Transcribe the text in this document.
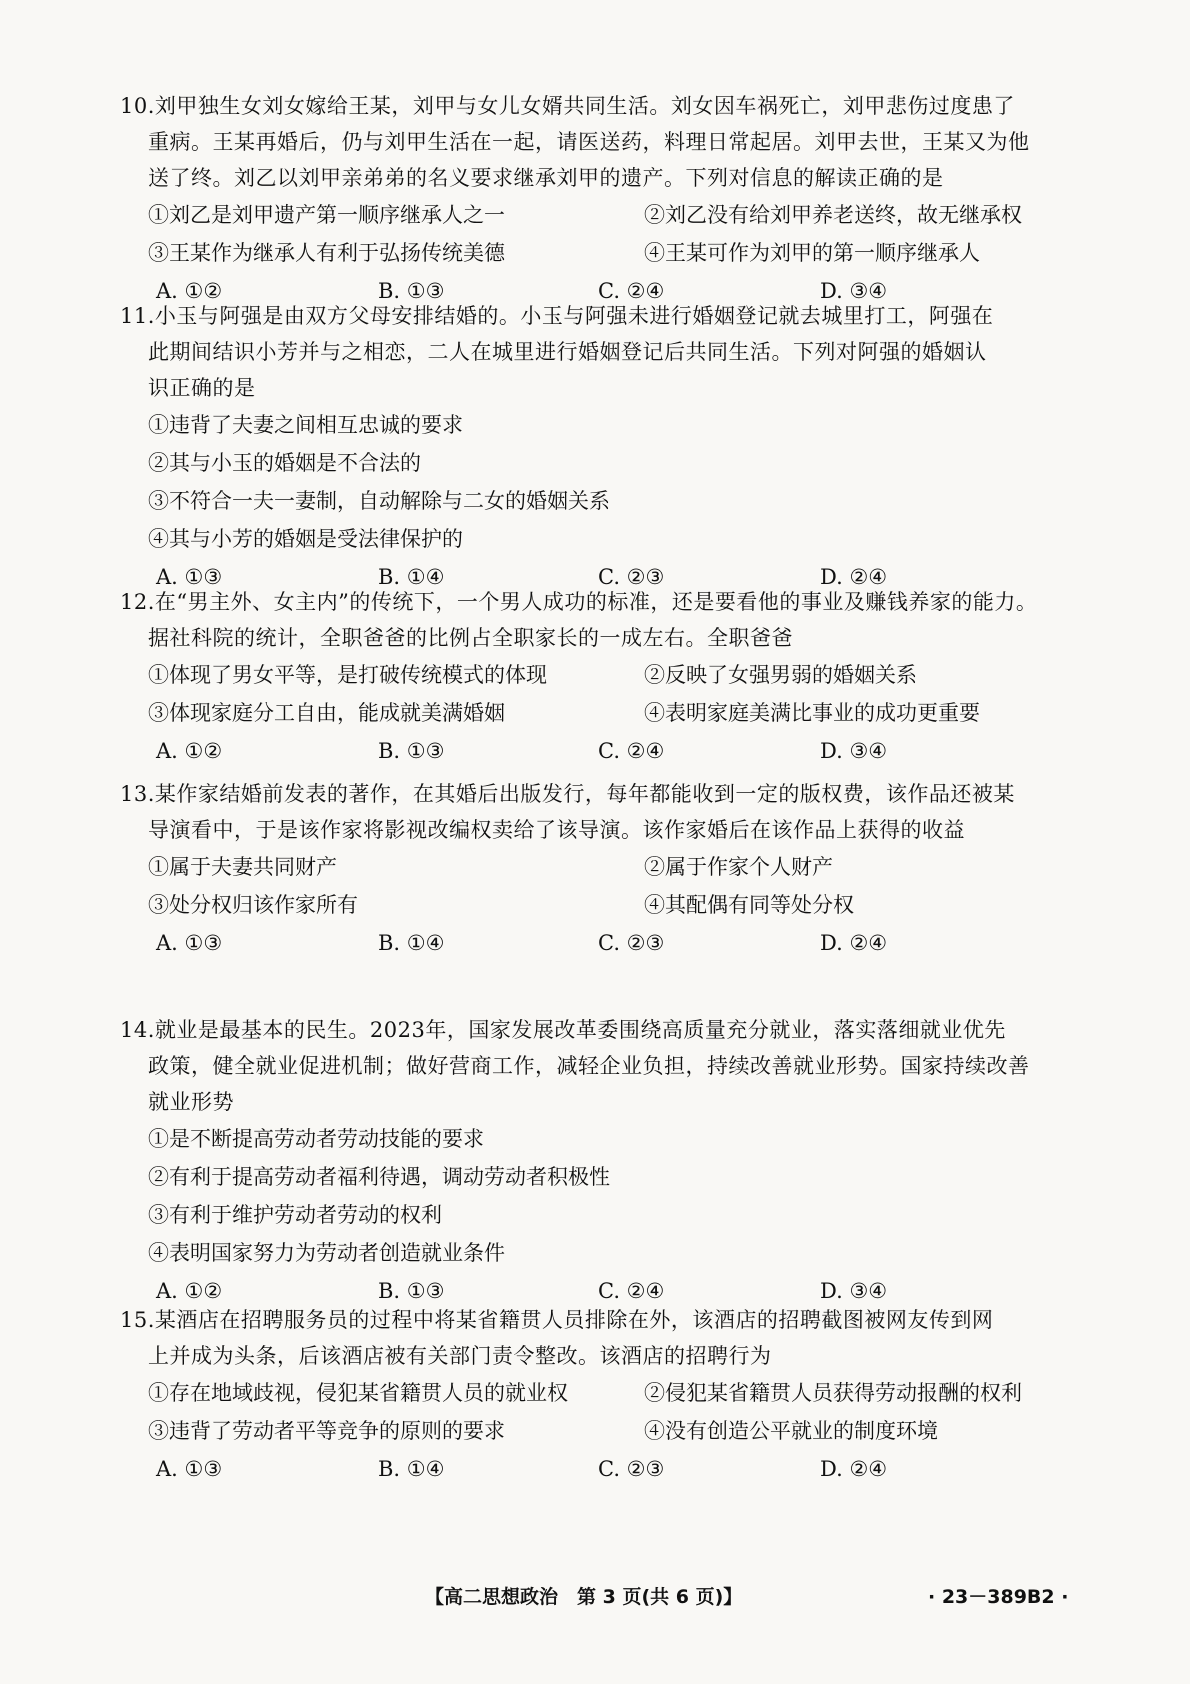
10.刘甲独生女刘女嫁给王某，刘甲与女儿女婿共同生活。刘女因车祸死亡，刘甲悲伤过度患了
重病。王某再婚后，仍与刘甲生活在一起，请医送药，料理日常起居。刘甲去世，王某又为他
送了终。刘乙以刘甲亲弟弟的名义要求继承刘甲的遗产。下列对信息的解读正确的是
①刘乙是刘甲遗产第一顺序继承人之一	②刘乙没有给刘甲养老送终，故无继承权
③王某作为继承人有利于弘扬传统美德	④王某可作为刘甲的第一顺序继承人
A. ①②	B. ①③	C. ②④	D. ③④
11.小玉与阿强是由双方父母安排结婚的。小玉与阿强未进行婚姻登记就去城里打工，阿强在
此期间结识小芳并与之相恋，二人在城里进行婚姻登记后共同生活。下列对阿强的婚姻认
识正确的是
①违背了夫妻之间相互忠诚的要求
②其与小玉的婚姻是不合法的
③不符合一夫一妻制，自动解除与二女的婚姻关系
④其与小芳的婚姻是受法律保护的
A. ①③	B. ①④	C. ②③	D. ②④
12.在“男主外、女主内”的传统下，一个男人成功的标准，还是要看他的事业及赚钱养家的能力。
据社科院的统计，全职爸爸的比例占全职家长的一成左右。全职爸爸
①体现了男女平等，是打破传统模式的体现	②反映了女强男弱的婚姻关系
③体现家庭分工自由，能成就美满婚姻	④表明家庭美满比事业的成功更重要
A. ①②	B. ①③	C. ②④	D. ③④
13.某作家结婚前发表的著作，在其婚后出版发行，每年都能收到一定的版权费，该作品还被某
导演看中，于是该作家将影视改编权卖给了该导演。该作家婚后在该作品上获得的收益
①属于夫妻共同财产	②属于作家个人财产
③处分权归该作家所有	④其配偶有同等处分权
A. ①③	B. ①④	C. ②③	D. ②④
14.就业是最基本的民生。2023年，国家发展改革委围绕高质量充分就业，落实落细就业优先
政策，健全就业促进机制；做好营商工作，减轻企业负担，持续改善就业形势。国家持续改善
就业形势
①是不断提高劳动者劳动技能的要求
②有利于提高劳动者福利待遇，调动劳动者积极性
③有利于维护劳动者劳动的权利
④表明国家努力为劳动者创造就业条件
A. ①②	B. ①③	C. ②④	D. ③④
15.某酒店在招聘服务员的过程中将某省籍贯人员排除在外，该酒店的招聘截图被网友传到网
上并成为头条，后该酒店被有关部门责令整改。该酒店的招聘行为
①存在地域歧视，侵犯某省籍贯人员的就业权	②侵犯某省籍贯人员获得劳动报酬的权利
③违背了劳动者平等竞争的原则的要求	④没有创造公平就业的制度环境
A. ①③	B. ①④	C. ②③	D. ②④
【高二思想政治　第 3 页(共 6 页)】	· 23－389B2 ·
